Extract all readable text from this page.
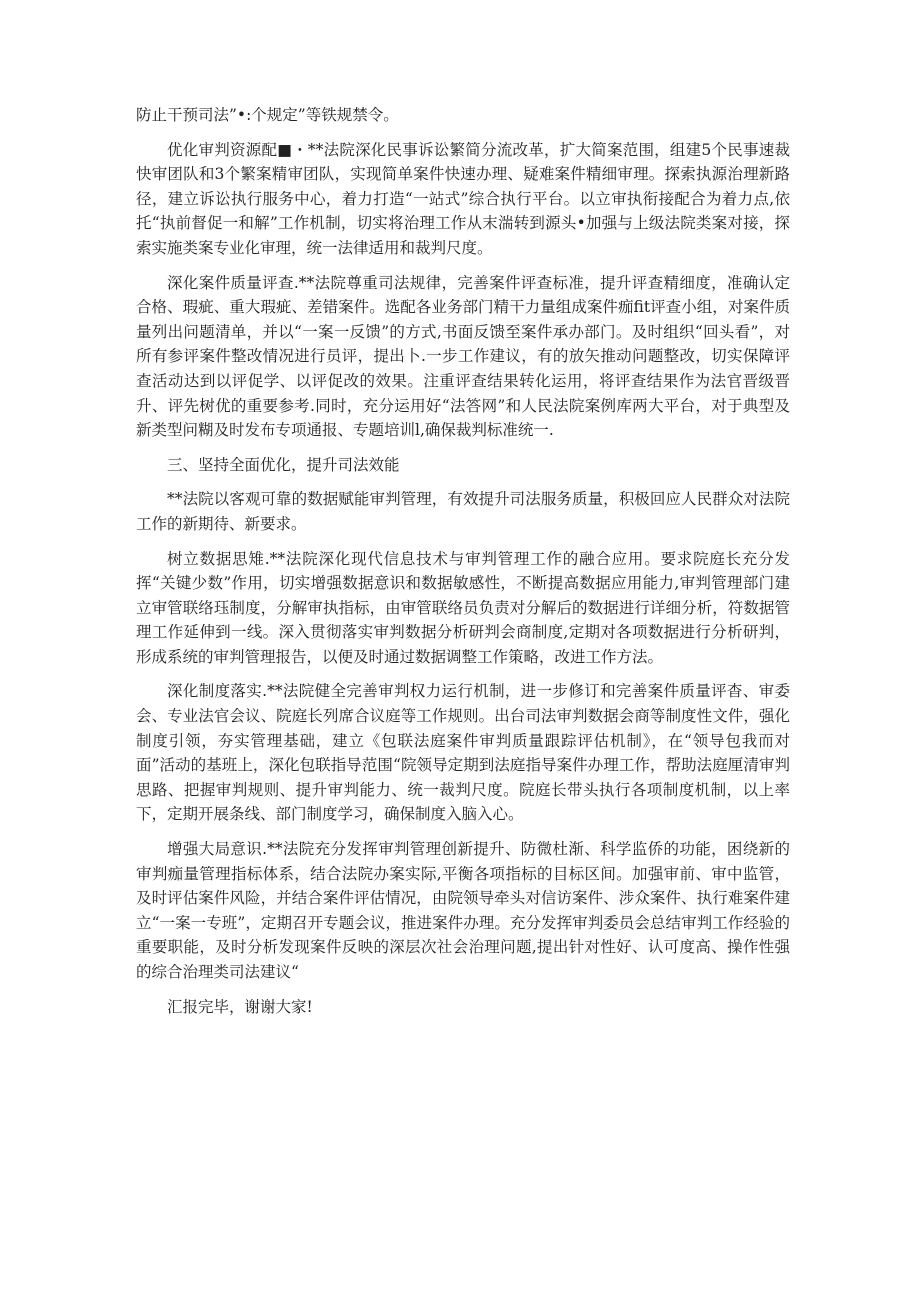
防止干预司法”•:个规定”等铁规禁令。

优化审判资源配■・**法院深化民事诉讼繁简分流改革，扩大简案范围，组建5个民事速裁快审团队和3个繁案精审团队，实现简单案件快速办理、疑难案件精细审理。探索执源治理新路径，建立诉讼执行服务中心，着力打造“一站式”综合执行平台。以立审执衔接配合为着力点,依托“执前督促一和解”工作机制，切实将治理工作从末湍转到源头•加强与上级法院类案对接，探索实施类案专业化审理，统一法律适用和裁判尺度。

深化案件质量评查.**法院尊重司法规律，完善案件评查标准，提升评查精细度，准确认定合格、瑕疵、重大瑕疵、差错案件。选配各业务部门精干力量组成案件痂fit评查小组，对案件质量列出问题清单，并以“一案一反馈”的方式,书面反馈至案件承办部门。及时组织“回头看”，对所有参评案件整改情况进行员评，提出卜.一步工作建议，有的放矢推动问题整改，切实保障评查活动达到以评促学、以评促改的效果。注重评查结果转化运用，将评查结果作为法官晋级晋升、评先树优的重要参考.同时，充分运用好“法答网”和人民法院案例库两大平台，对于典型及新类型问糊及时发布专项通报、专题培训l,确保裁判标准统一.

三、坚持全面优化，提升司法效能

**法院以客观可靠的数据赋能审判管理，有效提升司法服务质量，积极回应人民群众对法院工作的新期待、新要求。

树立数据思雉.**法院深化现代信息技术与审判管理工作的融合应用。要求院庭长充分发挥“关键少数”作用，切实增强数据意识和数据敏感性，不断提高数据应用能力,审判管理部门建立审管联络珏制度，分解审执指标，由审管联络员负责对分解后的数据进行详细分析，符数据管理工作延伸到一线。深入贯彻落实审判数据分析研判会商制度,定期对各项数据进行分析研判，形成系统的审判管理报告，以便及时通过数据调整工作策略，改进工作方法。

深化制度落实.**法院健全完善审判权力运行机制，进一步修订和完善案件质量评杳、审委会、专业法官会议、院庭长列席合议庭等工作规则。出台司法审判数据会商等制度性文件，强化制度引领，夯实管理基础，建立《包联法庭案件审判质量跟踪评估机制》，在“领导包我而对面”活动的基班上，深化包联指导范围“院领导定期到法庭指导案件办理工作，帮助法庭厘清审判思路、把握审判规则、提升审判能力、统一裁判尺度。院庭长带头执行各项制度机制，以上率下，定期开展条线、部门制度学习，确保制度入脑入心。

增强大局意识.**法院充分发挥审判管理创新提升、防微杜渐、科学监侨的功能，困绕新的审判痂量管理指标体系，结合法院办案实际,平衡各项指标的目标区间。加强审前、审中监管，及时评估案件风险，并结合案件评估情况，由院领导牵头对信访案件、涉众案件、执行难案件建立“一案一专班”，定期召开专题会议，推进案件办理。充分发挥审判委员会总结审判工作经验的重要职能，及时分析发现案件反映的深层次社会治理问题,提出针对性好、认可度高、操作性强的综合治理类司法建议“

汇报完毕，谢谢大家!
